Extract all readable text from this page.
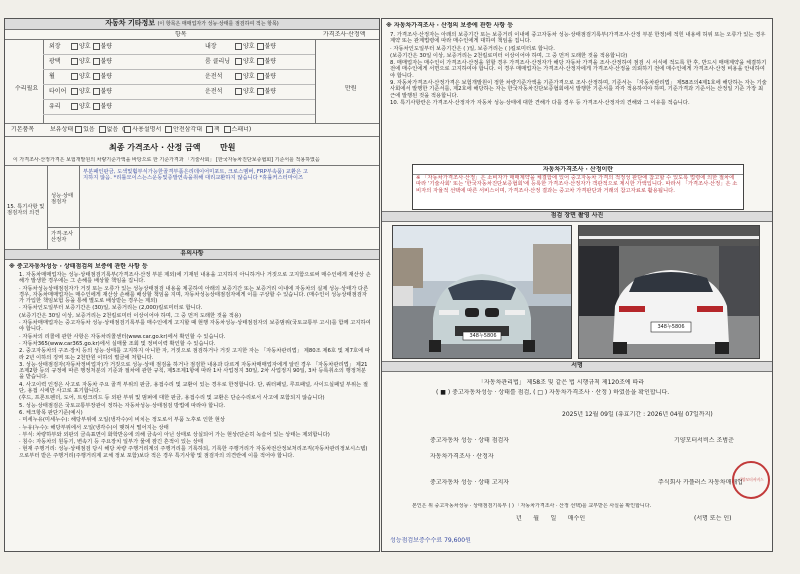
자동차 기타정보 (이 항목은 매매업자가 성능·상태를 점검하여 적는 항목)
항목	가격조사·산정액
수리필요	만원
외장	양호 불량	내장	양호 불량
광택	양호 불량	룸 클리닝 양호 불량
휠	양호 불량	운전석	양호 불량
타이어 양호 불량	운전석	양호 불량
유리	양호 불량
기본품목	보유상태 있음 없음  ( 사용설명서 안전삼각대 잭 스패너)
최종 가격조사 · 산정 금액 만원
이 가격조사·산정가격은 보험개발원의 차량기준가액을 바탕으로 한 기준가격과 「기술사회」 [한국자동차진단보증협회] 기준서를 적용하였음
15. 특기사항 및 점검자의 의견
성능·상태 점검자
부분패인판금, 도색및휠부식가능한골격부품은리데이어미포트, 크로스멤버, FRP부속품) 교환은 고지하지 않음. *리틀모이스는스운동및증발연속을취해 대리교환하지 않습니다 *휴률커스터마이즈
가격·조사 산정자
유의사항
※ 중고자동차성능 · 상태점검의 보증에 관한 사항 등
1. 자동차매매업자는 성능·상태점검기록부(가격조사·산정 부분 제외)에 기재된 내용을 고지하지 아니하거나 거짓으로 고지함으로써 매수인에게 재산상 손해가 발생한 경우에는 그 손해를 배상할 책임을 집니다.
· 자동차성능상태점검자가 거짓 또는 오류가 있는 성능상태점검 내용을 제공하여 아래의 보증기간 또는 보증거리 이내에 자동차의 실제 성능·상태가 다른 경우, 자동차매매업자는 매수인에게 재산상 손해를 배상할 책임을 지며, 자동차성능상태점검자에게 이를 구상할 수 있습니다. (매수인이 성능상태점검자가 가입한 책임보험 등을 통해 별도로 배상받는 경우는 제외)
· 자동차인도일부터 보증기간은 (30)일, 보증거리는 (2,000)킬로미터로 합니다.
(보증기간은 30일 이상, 보증거리는 2천킬로미터 이상이어야 하며, 그 중 먼저 도래한 것을 적용)
· 자동차매매업자는 중고자동차 성능·상태점검기록부를 매수인에게 고지할 때 현행 자동차성능·상태점검자의 보증범위(국토교통부 고시)를 함께 고지하여야 합니다.
· 자동차의 리콜에 관한 사항은 자동차리콜센터(www.car.go.kr)에서 확인할 수 있습니다.
· 자동차365(www.car365.go.kr)에서 실매물 조회 및 정비이력 확인할 수 있습니다.
2. 중고자동차의 구조·장치 등의 성능·상태를 고지하지 아니한 자, 거짓으로 점검하거나 거짓 고지한 자는 「자동차관리법」 제80조 제6호 및 제7호에 따라 2년 이하의 징역 또는 2천만원 이하의 벌금에 처합니다.
3. 성능·상태점검자(자동차정비업자)가 거짓으로 성능·상태 점검을 하거나 점검한 내용과 다르게 자동차매매업자에게 알린 경우 「자동차관리법」 제21조제2항 등의 규정에 따른 행정처분의 기준과 절차에 관한 규칙, 제5조제1항에 따라 1차 사업정지 30일, 2차 사업정지 90일, 3차 등록취소의 행정처분을 받습니다.
4. 사고이력 인정은 사고로 자동차 주요 골격 부위의 판금, 용접수리 및 교환이 있는 경우로 한정합니다. 단, 쿼터패널, 루프패널, 사이드실패널 부위는 절단, 용접 시에만 사고로 표기합니다.
(후드, 프론트펜더, 도어, 트렁크리드 등 외판 부위 및 범퍼에 대한 판금, 용접수리 및 교환은 단순수리로서 사고에 포함되지 않습니다)
5. 성능·상태점검은 국토교통부장관이 정하는 자동차성능·상태점검 방법에 따라야 합니다.
6. 체크항목 판단기준(예시)
· 미세누유(미세누수): 해당부위에 오일(냉각수)이 비치는 정도로서 부품 노후로 인한 현상
· 누유(누수): 해당부위에서 오일(냉각수)이 맺혀서 떨어지는 상태
· 부식: 차량하부와 외판의 금속표면이 화학반응에 의해 금속이 아닌 상태로 상실되어 가는 현상(단순히 녹슬어 있는 상태는 제외합니다)
· 침수: 자동차의 원동기, 변속기 등 주요장치 일부가 물에 잠긴 흔적이 있는 상태
· 현재 주행거리: 성능·상태점검 당시 해당 차량 주행거리계의 주행거리를 기록하되, 기록한 주행거리가 자동차전산정보처리조직(자동차관리정보시스템)으로부터 받은 주행거리(주행거리계 교체 정보 포함)보다 적은 경우 특기사항 및 점검자의 의견란에 이를 적어야 합니다.
※ 자동차가격조사 · 산정의 보증에 관한 사항 등
7. 가격조사·산정자는 아래의 보증기간 또는 보증거리 이내에 중고자동차 성능·상태점검기록부(가격조사·산정 부분 한정)에 적힌 내용에 허위 또는 오류가 있는 경우 계약 또는 관계법령에 따라 매수인에게 대하여 책임을 집니다.
· 자동차인도일부터 보증기간은 ( )일, 보증거리는 ( )킬로미터로 합니다.
(보증기간은 30일 이상, 보증거리는 2천킬로미터 이상이어야 하며, 그 중 먼저 도래한 것을 적용합니다)
8. 매매업자는 매수인이 가격조사·산정을 원할 경우 가격조사·산정자가 해당 자동차 가격을 조사·산정하여 점검 시 서식에 적도록 한 후, 반드시 매매계약을 체결하기 전에 매수인에게 서면으로 고지하여야 합니다. 이 경우 매매업자는 가격조사·산정자에게 가격조사·산정을 의뢰하기 전에 매수인에게 가격조사·산정 비용을 안내하여야 합니다.
9. 자동차가격조사·산정가격은 보험개발원이 정한 차량기준가액을 기준가격으로 조사·산정하며, 기준서는 「자동차관리법」 제58조의4제1호에 해당하는 자는 기술사회에서 발행한 기준서를, 제2호에 해당하는 자는 한국자동차진단보증협회에서 발행한 기준서를 각각 적용하여야 하며, 기준가격과 기준서는 산정일 기준 가장 최근에 발행된 것을 적용합니다.
10. 특기사항란은 가격조사·산정자가 자동차 성능·상태에 대한 견해가 다를 경우 등 가격조사·산정자의 견해와 그 이유를 적습니다.
자동차가격조사 · 산정이란
※ 「자동차가격조사·산정」은 소비자가 매매계약을 체결함에 있어 중고자동차 가격의 적정성 판단에 참고할 수 있도록 법령에 의한 절차에 따라 '기술사회' 또는 '한국자동차진단보증협회'에 등록한 가격조사·산정자가 객관적으로 제시한 가액입니다. 따라서 「가격조사·산정」은 소비자의 자율적 선택에 따른 서비스이며, 가격조사·산정 결과는 중고차 가격판단과 거래의 참고자료로 활용됩니다.
점검 장면 촬영 사진
348누5806
348누5806
서명
「자동차관리법」 제58조 및 같은 법 시행규칙 제120조에 따라
( ■ ) 중고자동차성능 · 상태를 점검, ( □ ) 자동차가격조사 · 산정 ) 하였음을 확인합니다.
2025년 12월 09일 (유효기간 : 2026년 04월 07일까지)
중고자동차 성능 · 상태 점검자	기양모터서비스 조범춘
자동차가격조사 · 산정자
중고자동차 성능 · 상태 고지자	주식회사 카플러스 자동차매매업
기양모터서비스
본인은 위 중고자동차성능 · 상태점검기록부 ( ) 「자동차가격조사 · 산정 선택)를 교부받은 사실을 확인합니다.
년 월 일 매수인	(서명 또는 인)
성능점검보증수수료 79,600원
